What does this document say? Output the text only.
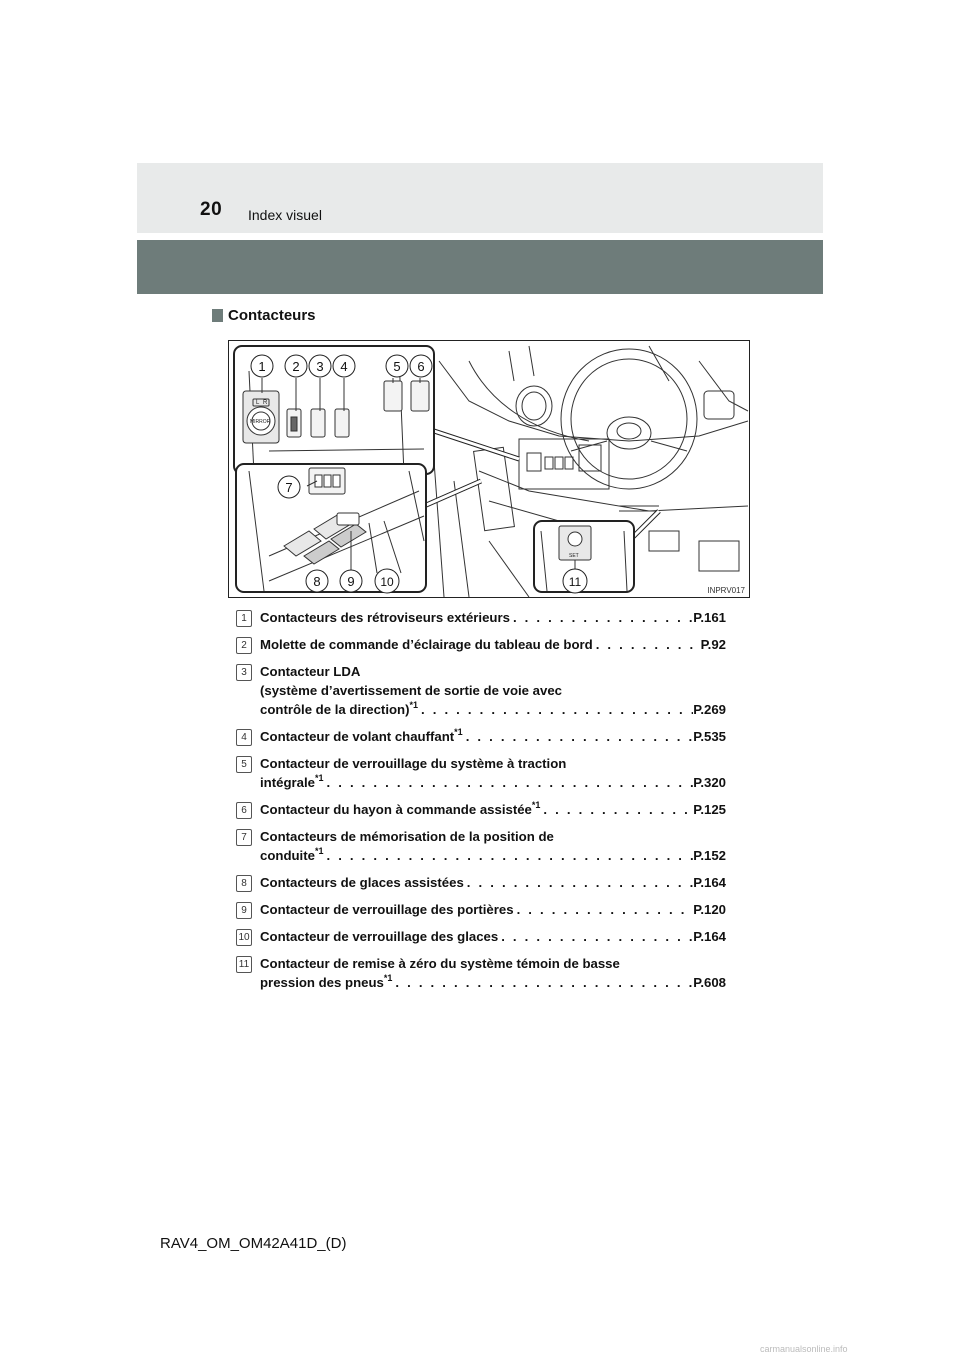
20 Index visuel
Contacteurs
L R
MIRROR
SET
1 2 3 4	5 6
7
8 9 10	11
INPRV017
1	Contacteurs des rétroviseurs extérieurs . . .	P.161
2	Molette de commande d’éclairage du tableau de bord . . .	P.92
3	Contacteur LDA
(système d’avertissement de sortie de voie avec
contrôle de la direction)$^{*1}$ . . .	P.269
4	Contacteur de volant chauffant$^{*1}$ . . .	P.535
5	Contacteur de verrouillage du système à traction
intégrale$^{*1}$ . . .	P.320
6	Contacteur du hayon à commande assistée$^{*1}$ . . .	P.125
7	Contacteurs de mémorisation de la position de
conduite$^{*1}$ . . .	P.152
8	Contacteurs de glaces assistées . . .	P.164
9	Contacteur de verrouillage des portières . . .	P.120
10 Contacteur de verrouillage des glaces . . .	P.164
11 Contacteur de remise à zéro du système témoin de basse
pression des pneus$^{*1}$ . . .	P.608
RAV4_OM_OM42A41D_(D)
carmanualsonline.info
